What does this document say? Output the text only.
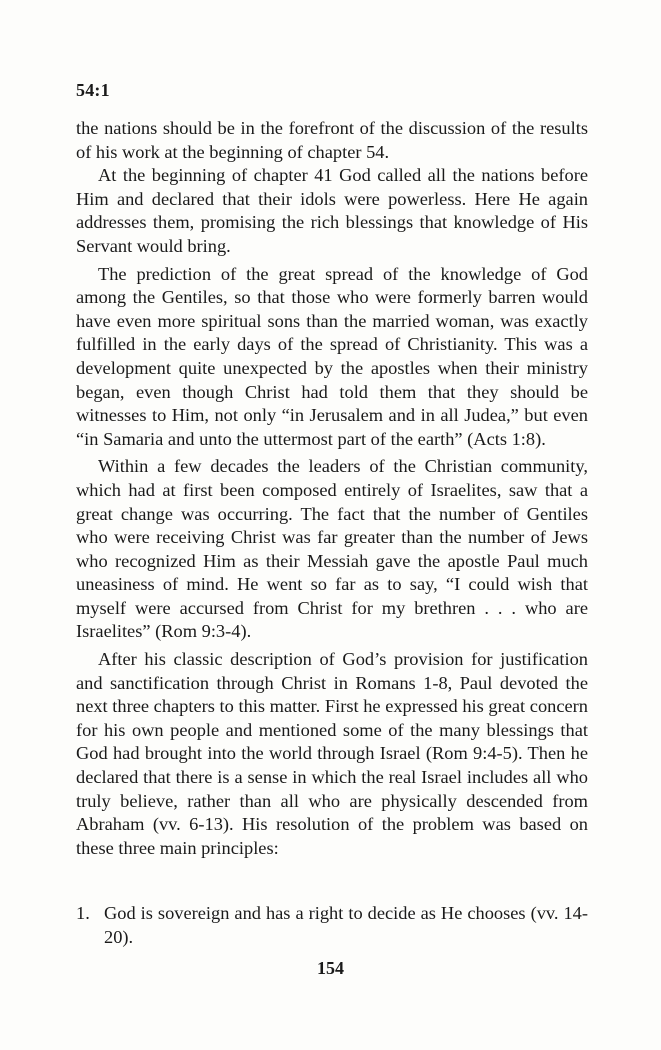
54:1

the nations should be in the forefront of the discussion of the results of his work at the beginning of chapter 54.

At the beginning of chapter 41 God called all the nations before Him and declared that their idols were powerless. Here He again addresses them, promising the rich blessings that knowledge of His Servant would bring.

The prediction of the great spread of the knowledge of God among the Gentiles, so that those who were formerly barren would have even more spiritual sons than the married woman, was exactly fulfilled in the early days of the spread of Christianity. This was a development quite unexpected by the apostles when their ministry began, even though Christ had told them that they should be witnesses to Him, not only “in Jerusalem and in all Judea,” but even “in Samaria and unto the uttermost part of the earth” (Acts 1:8).

Within a few decades the leaders of the Christian community, which had at first been composed entirely of Israelites, saw that a great change was occurring. The fact that the number of Gentiles who were receiving Christ was far greater than the number of Jews who recognized Him as their Messiah gave the apostle Paul much uneasiness of mind. He went so far as to say, “I could wish that myself were accursed from Christ for my brethren . . . who are Israelites” (Rom 9:3-4).

After his classic description of God’s provision for justification and sanctification through Christ in Romans 1-8, Paul devoted the next three chapters to this matter. First he expressed his great concern for his own people and mentioned some of the many blessings that God had brought into the world through Israel (Rom 9:4-5). Then he declared that there is a sense in which the real Israel includes all who truly believe, rather than all who are physically descended from Abraham (vv. 6-13). His resolution of the problem was based on these three main principles:

1. God is sovereign and has a right to decide as He chooses (vv. 14-20).
154
